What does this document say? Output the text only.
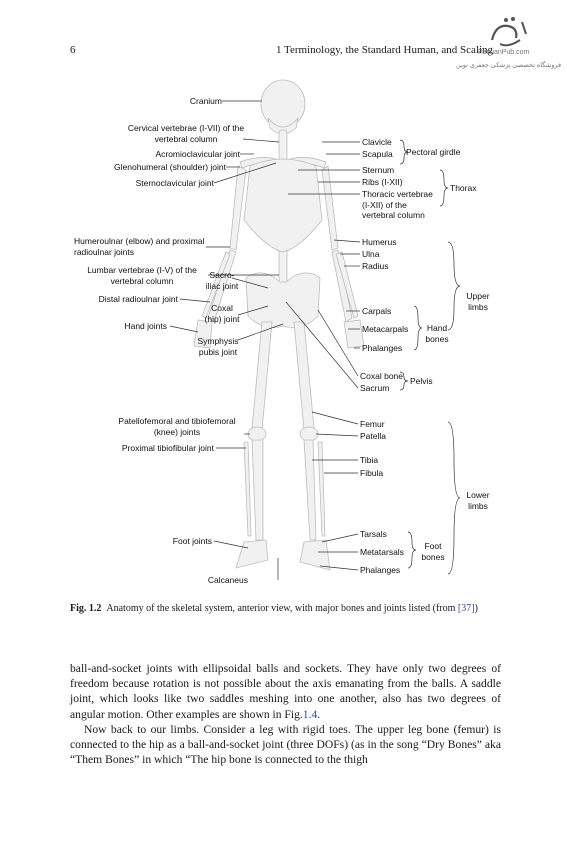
6	1 Terminology, the Standard Human, and Scaling
ParsianPub.com
فروشگاه تخصصی پزشکی جعفری نوین
Cranium
Cervical vertebrae (I-VII) of the vertebral column
Acromioclavicular joint
Glenohumeral (shoulder) joint
Sternoclavicular joint
Humeroulnar (elbow) and proximal radioulnar joints
Lumbar vertebrae (I-V) of the vertebral column
Distal radioulnar joint
Hand joints
Patellofemoral and tibiofemoral (knee) joints
Proximal tibiofibular joint
Foot joints
Calcaneus
Sacro-iliac joint
Coxal (hip) joint
Symphysis pubis joint
Clavicle
Scapula
Sternum
Ribs (I-XII)
Thoracic vertebrae (I-XII) of the vertebral column
Humerus
Ulna
Radius
Carpals
Metacarpals
Phalanges
Coxal bone
Sacrum
Femur
Patella
Tibia
Fibula
Tarsals
Metatarsals
Phalanges
Pectoral girdle
Thorax
Upper limbs
Hand bones
Pelvis
Lower limbs
Foot bones
Fig. 1.2 Anatomy of the skeletal system, anterior view, with major bones and joints listed (from [37])

ball-and-socket joints with ellipsoidal balls and sockets. They have only two degrees of freedom because rotation is not possible about the axis emanating from the balls. A saddle joint, which looks like two saddles meshing into one another, also has two degrees of angular motion. Other examples are shown in Fig.1.4.

Now back to our limbs. Consider a leg with rigid toes. The upper leg bone (femur) is connected to the hip as a ball-and-socket joint (three DOFs) (as in the song “Dry Bones” aka “Them Bones” in which “The hip bone is connected to the thigh
